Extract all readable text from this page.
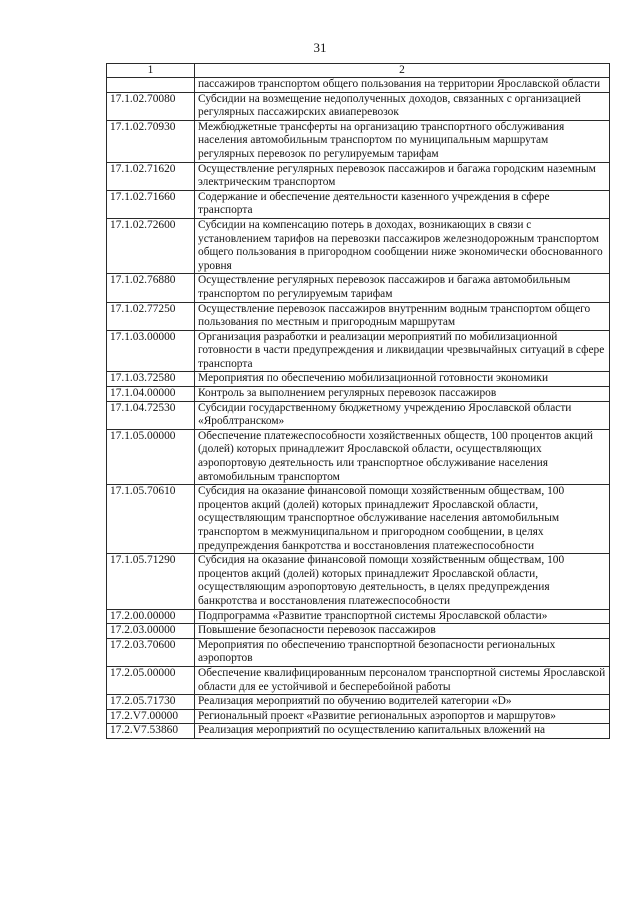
31
1	2
	пассажиров транспортом общего пользования на территории Ярославской области
17.1.02.70080	Субсидии на возмещение недополученных доходов, связанных с организацией регулярных пассажирских авиаперевозок
17.1.02.70930	Межбюджетные трансферты на организацию транспортного обслуживания населения автомобильным транспортом по муниципальным маршрутам регулярных перевозок по регулируемым тарифам
17.1.02.71620	Осуществление регулярных перевозок пассажиров и багажа городским наземным электрическим транспортом
17.1.02.71660	Содержание и обеспечение деятельности казенного учреждения в сфере транспорта
17.1.02.72600	Субсидии на компенсацию потерь в доходах, возникающих в связи с установлением тарифов на перевозки пассажиров железнодорожным транспортом общего пользования в пригородном сообщении ниже экономически обоснованного уровня
17.1.02.76880	Осуществление регулярных перевозок пассажиров и багажа автомобильным транспортом по регулируемым тарифам
17.1.02.77250	Осуществление перевозок пассажиров внутренним водным транспортом общего пользования по местным и пригородным маршрутам
17.1.03.00000	Организация разработки и реализации мероприятий по мобилизационной готовности в части предупреждения и ликвидации чрезвычайных ситуаций в сфере транспорта
17.1.03.72580	Мероприятия по обеспечению мобилизационной готовности экономики
17.1.04.00000	Контроль за выполнением регулярных перевозок пассажиров
17.1.04.72530	Субсидии государственному бюджетному учреждению Ярославской области «Яроблтранском»
17.1.05.00000	Обеспечение платежеспособности хозяйственных обществ, 100 процентов акций (долей) которых принадлежит Ярославской области, осуществляющих аэропортовую деятельность или транспортное обслуживание населения автомобильным транспортом
17.1.05.70610	Субсидия на оказание финансовой помощи хозяйственным обществам, 100 процентов акций (долей) которых принадлежит Ярославской области, осуществляющим транспортное обслуживание населения автомобильным транспортом в межмуниципальном и пригородном сообщении, в целях предупреждения банкротства и восстановления платежеспособности
17.1.05.71290	Субсидия на оказание финансовой помощи хозяйственным обществам, 100 процентов акций (долей) которых принадлежит Ярославской области, осуществляющим аэропортовую деятельность, в целях предупреждения банкротства и восстановления платежеспособности
17.2.00.00000	Подпрограмма «Развитие транспортной системы Ярославской области»
17.2.03.00000	Повышение безопасности перевозок пассажиров
17.2.03.70600	Мероприятия по обеспечению транспортной безопасности региональных аэропортов
17.2.05.00000	Обеспечение квалифицированным персоналом транспортной системы Ярославской области для ее устойчивой и бесперебойной работы
17.2.05.71730	Реализация мероприятий по обучению водителей категории «D»
17.2.V7.00000	Региональный проект «Развитие региональных аэропортов и маршрутов»
17.2.V7.53860	Реализация мероприятий по осуществлению капитальных вложений на
